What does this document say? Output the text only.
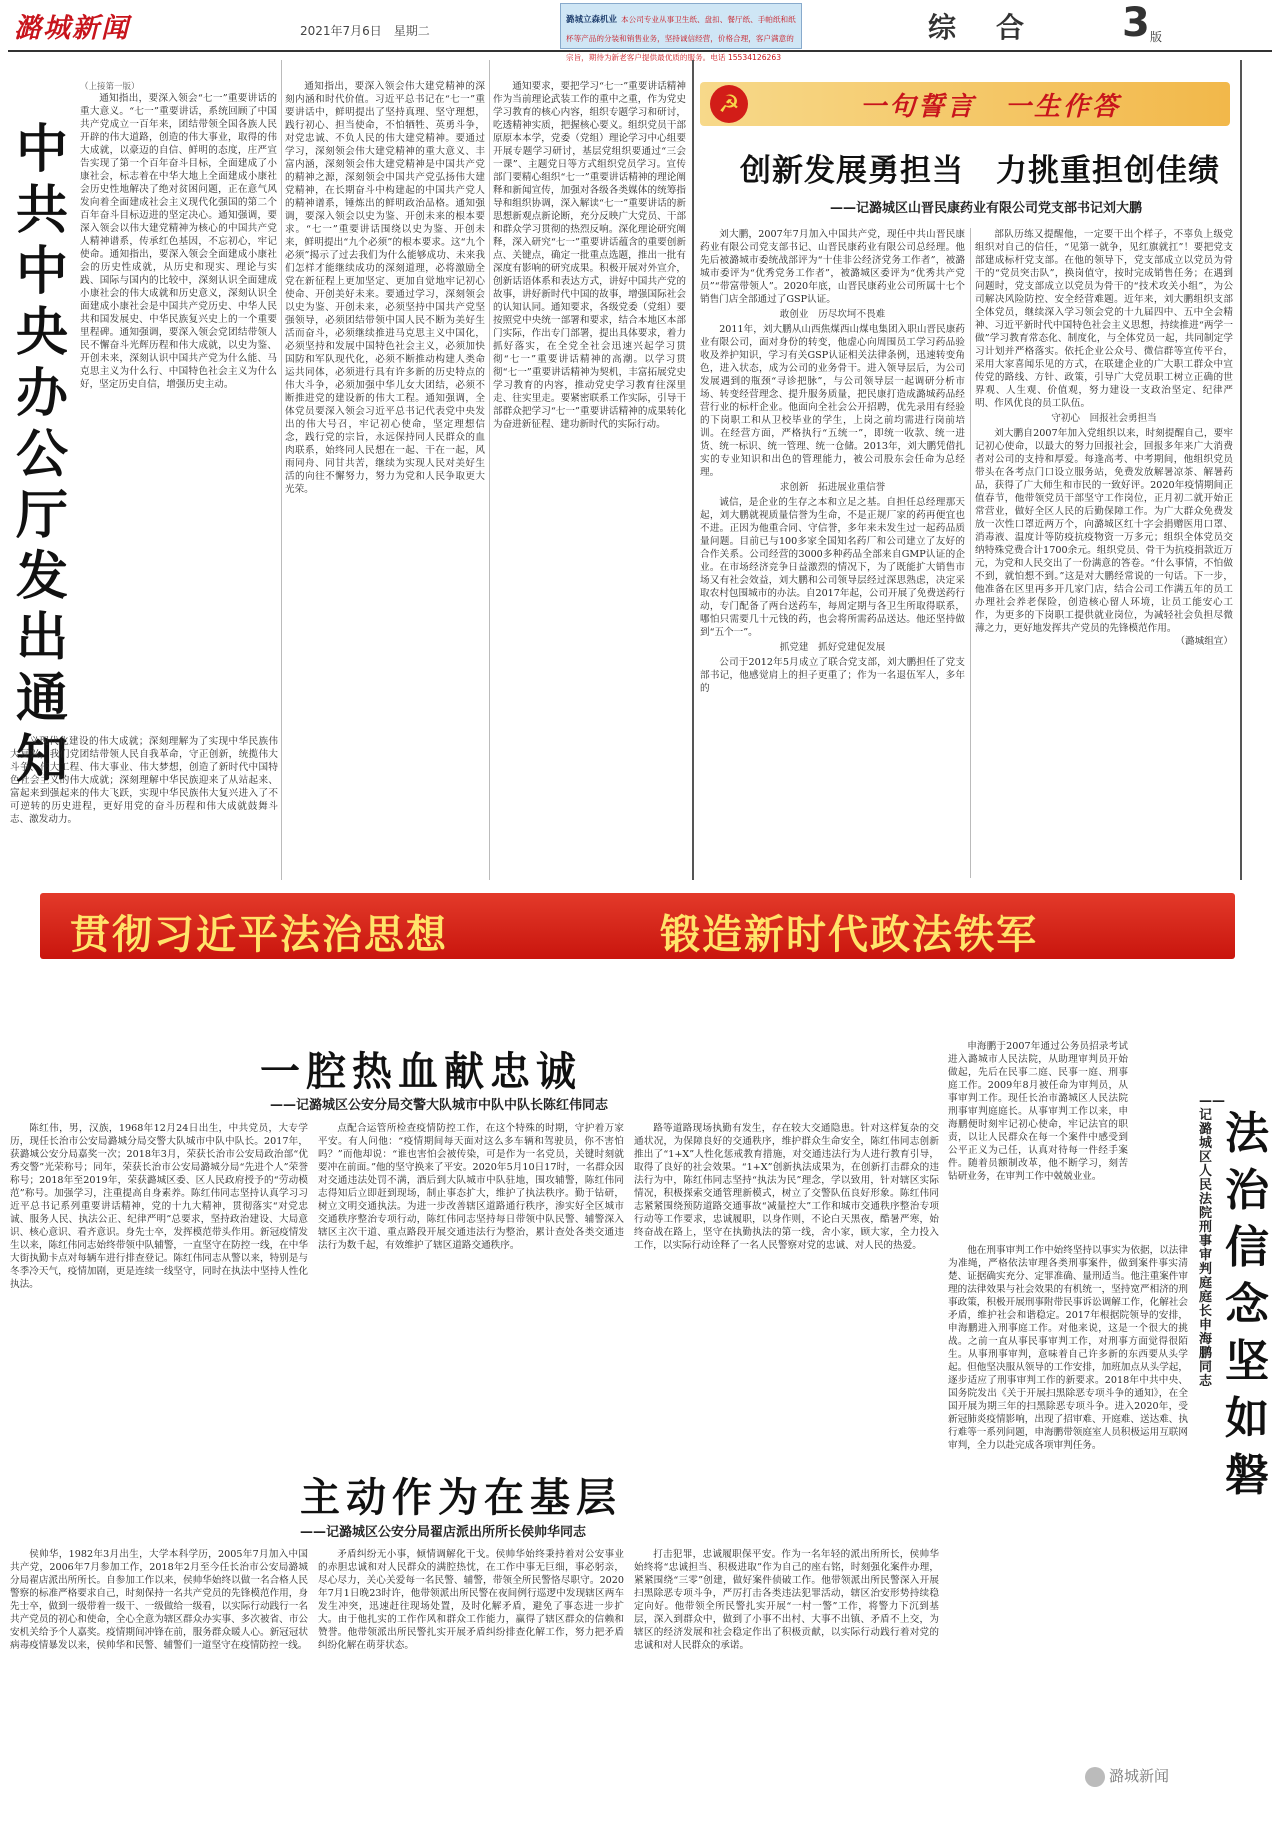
潞城新闻	2021年7月6日　星期二
潞城立森机业 本公司专业从事卫生纸、盘扣、餐厅纸、手帕纸和纸杯等产品的分装和销售业务，坚持诚信经营，价格合理，客户满意的宗旨，期待为新老客户提供最优质的服务。电话 15534126263
综　合 3 版
中共中央办公厅发出通知
（上接第一版）
通知指出，要深入领会“七一”重要讲话的重大意义。“七一”重要讲话，系统回顾了中国共产党成立一百年来，团结带领全国各族人民开辟的伟大道路，创造的伟大事业，取得的伟大成就，以豪迈的自信、鲜明的态度，庄严宣告实现了第一个百年奋斗目标，全面建成了小康社会，标志着在中华大地上全面建成小康社会历史性地解决了绝对贫困问题，正在意气风发向着全面建成社会主义现代化强国的第二个百年奋斗目标迈进的坚定决心。通知强调，要深入领会以伟大建党精神为核心的中国共产党人精神谱系，传承红色基因，不忘初心，牢记使命。通知指出，要深入领会全面建成小康社会的历史性成就，从历史和现实、理论与实践、国际与国内的比较中，深刻认识全面建成小康社会的伟大成就和历史意义，深刻认识全面建成小康社会是中国共产党历史、中华人民共和国发展史、中华民族复兴史上的一个重要里程碑。通知强调，要深入领会党团结带领人民不懈奋斗光辉历程和伟大成就，以史为鉴、开创未来，深刻认识中国共产党为什么能、马克思主义为什么行、中国特色社会主义为什么好，坚定历史自信，增强历史主动。
通知指出，要深入领会伟大建党精神的深刻内涵和时代价值。习近平总书记在“七一”重要讲话中，鲜明提出了坚持真理、坚守理想，践行初心、担当使命，不怕牺牲、英勇斗争，对党忠诚、不负人民的伟大建党精神。要通过学习，深刻领会伟大建党精神的重大意义、丰富内涵，深刻领会伟大建党精神是中国共产党的精神之源，深刻领会中国共产党弘扬伟大建党精神，在长期奋斗中构建起的中国共产党人的精神谱系，锤炼出的鲜明政治品格。通知强调，要深入领会以史为鉴、开创未来的根本要求。“七一”重要讲话围绕以史为鉴、开创未来，鲜明提出“九个必须”的根本要求。这“九个必须”揭示了过去我们为什么能够成功、未来我们怎样才能继续成功的深刻道理，必将激励全党在新征程上更加坚定、更加自觉地牢记初心使命、开创美好未来。要通过学习，深刻领会以史为鉴、开创未来，必须坚持中国共产党坚强领导，必须团结带领中国人民不断为美好生活而奋斗，必须继续推进马克思主义中国化，必须坚持和发展中国特色社会主义，必须加快国防和军队现代化，必须不断推动构建人类命运共同体，必须进行具有许多新的历史特点的伟大斗争，必须加强中华儿女大团结，必须不断推进党的建设新的伟大工程。通知强调，全体党员要深入领会习近平总书记代表党中央发出的伟大号召，牢记初心使命，坚定理想信念，践行党的宗旨，永远保持同人民群众的血肉联系，始终同人民想在一起、干在一起，风雨同舟、同甘共苦，继续为实现人民对美好生活的向往不懈努力，努力为党和人民争取更大光荣。
通知要求，要把学习“七一”重要讲话精神作为当前理论武装工作的重中之重，作为党史学习教育的核心内容，组织专题学习和研讨，吃透精神实质，把握核心要义。组织党员干部原原本本学，党委（党组）理论学习中心组要开展专题学习研讨，基层党组织要通过“三会一课”、主题党日等方式组织党员学习。宣传部门要精心组织“七一”重要讲话精神的理论阐释和新闻宣传，加强对各级各类媒体的统筹指导和组织协调，深入解读“七一”重要讲话的新思想新观点新论断，充分反映广大党员、干部和群众学习贯彻的热烈反响。深化理论研究阐释，深入研究“七一”重要讲话蕴含的重要创新点、关键点，确定一批重点选题，推出一批有深度有影响的研究成果。积极开展对外宣介，创新话语体系和表达方式，讲好中国共产党的故事，讲好新时代中国的故事，增强国际社会的认知认同。通知要求，各级党委（党组）要按照党中央统一部署和要求，结合本地区本部门实际，作出专门部署，提出具体要求，着力抓好落实，在全党全社会迅速兴起学习贯彻“七一”重要讲话精神的高潮。以学习贯彻“七一”重要讲话精神为契机，丰富拓展党史学习教育的内容，推动党史学习教育往深里走、往实里走。要紧密联系工作实际，引导干部群众把学习“七一”重要讲话精神的成果转化为奋进新征程、建功新时代的实际行动。
义现代化建设的伟大成就；深刻理解为了实现中华民族伟大复兴，我们党团结带领人民自我革命，守正创新，统揽伟大斗争、伟大工程、伟大事业、伟大梦想，创造了新时代中国特色社会主义的伟大成就；深刻理解中华民族迎来了从站起来、富起来到强起来的伟大飞跃，实现中华民族伟大复兴进入了不可逆转的历史进程，更好用党的奋斗历程和伟大成就鼓舞斗志、激发动力。
☭	一句誓言　一生作答
创新发展勇担当　力挑重担创佳绩
——记潞城区山晋民康药业有限公司党支部书记刘大鹏

刘大鹏，2007年7月加入中国共产党，现任中共山晋民康药业有限公司党支部书记、山晋民康药业有限公司总经理。他先后被潞城市委统战部评为“十佳非公经济党务工作者”，被潞城市委评为“优秀党务工作者”，被潞城区委评为“优秀共产党员”“带富带领人”。2020年底，山晋民康药业公司所属十七个销售门店全部通过了GSP认证。

敢创业　历尽坎坷不畏难

2011年，刘大鹏从山西焦煤西山煤电集团入职山晋民康药业有限公司，面对身份的转变，他虚心向周围员工学习药品验收及养护知识，学习有关GSP认证相关法律条例，迅速转变角色，进入状态，成为公司的业务骨干。进入领导层后，为公司发展遇到的瓶颈“寻诊把脉”，与公司领导层一起调研分析市场、转变经营理念、提升服务质量，把民康打造成潞城药品经营行业的标杆企业。他面向全社会公开招聘，优先录用有经验的下岗职工和从卫校毕业的学生，上岗之前均需进行岗前培训。在经营方面，严格执行“五统一”，即统一收款、统一进货、统一标识、统一管理、统一仓储。2013年，刘大鹏凭借扎实的专业知识和出色的管理能力，被公司股东会任命为总经理。

求创新　拓进展业重信誉

诚信，是企业的生存之本和立足之基。自担任总经理那天起，刘大鹏就视质量信誉为生命，不是正规厂家的药再便宜也不进。正因为他重合同、守信誉，多年来未发生过一起药品质量问题。目前已与100多家全国知名药厂和公司建立了友好的合作关系。公司经营的3000多种药品全部来自GMP认证的企业。在市场经济竞争日益激烈的情况下，为了既能扩大销售市场又有社会效益，刘大鹏和公司领导层经过深思熟虑，决定采取农村包围城市的办法。自2017年起，公司开展了免费送药行动，专门配备了两台送药车，每周定期与各卫生所取得联系，哪怕只需要几十元钱的药，也会将所需药品送达。他还坚持做到“五个一”。

抓党建　抓好党建促发展

公司于2012年5月成立了联合党支部，刘大鹏担任了党支部书记，他感觉肩上的担子更重了；作为一名退伍军人，多年的

部队历练又提醒他，一定要干出个样子，不辜负上级党组织对自己的信任，“见第一就争，见红旗就扛”！要把党支部建成标杆党支部。在他的领导下，党支部成立以党员为骨干的“党员突击队”，换岗值守，按时完成销售任务；在遇到问题时，党支部成立以党员为骨干的“技术攻关小组”，为公司解决风险防控、安全经营难题。近年来，刘大鹏组织支部全体党员，继续深入学习领会党的十九届四中、五中全会精神、习近平新时代中国特色社会主义思想，持续推进“两学一做”学习教育常态化、制度化，与全体党员一起，共同制定学习计划并严格落实。依托企业公众号、微信群等宣传平台，采用大家喜闻乐见的方式，在联建企业的广大职工群众中宣传党的路线、方针、政策，引导广大党员职工树立正确的世界观、人生观、价值观，努力建设一支政治坚定、纪律严明、作风优良的员工队伍。

守初心　回报社会勇担当

刘大鹏自2007年加入党组织以来，时刻提醒自己，要牢记初心使命，以最大的努力回报社会，回报多年来广大消费者对公司的支持和厚爱。每逢高考、中考期间，他组织党员带头在各考点门口设立服务站，免费发放解暑凉茶、解暑药品，获得了广大师生和市民的一致好评。2020年疫情期间正值春节，他带领党员干部坚守工作岗位，正月初二就开始正常营业，做好全区人民的后勤保障工作。为广大群众免费发放一次性口罩近两万个，向潞城区红十字会捐赠医用口罩、消毒液、温度计等防疫抗疫物资一万多元；组织全体党员交纳特殊党费合计1700余元。组织党员、骨干为抗疫捐款近万元，为党和人民交出了一份满意的答卷。“什么事情，不怕做不到，就怕想不到。”这是对大鹏经常说的一句话。下一步，他准备在区里再多开几家门店，结合公司工作满五年的员工办理社会养老保险，创造核心留人环境，让员工能安心工作，为更多的下岗职工提供就业岗位，为减轻社会负担尽微薄之力，更好地发挥共产党员的先锋模范作用。

（潞城组宣）

贯彻习近平法治思想	锻造新时代政法铁军
一腔热血献忠诚
——记潞城区公安分局交警大队城市中队中队长陈红伟同志
陈红伟，男，汉族，1968年12月24日出生，中共党员，大专学历，现任长治市公安局潞城分局交警大队城市中队中队长。2017年，获潞城公安分局嘉奖一次；2018年3月，荣获长治市公安局政治部“优秀交警”光荣称号；同年，荣获长治市公安局潞城分局“先进个人”荣誉称号；2018年至2019年，荣获潞城区委、区人民政府授予的“劳动模范”称号。加强学习，注重提高自身素养。陈红伟同志坚持认真学习习近平总书记系列重要讲话精神，党的十九大精神，贯彻落实“对党忠诚、服务人民、执法公正、纪律严明”总要求，坚持政治建设、大局意识、核心意识、看齐意识。身先士卒，发挥模范带头作用。新冠疫情发生以来，陈红伟同志始终带领中队辅警，一直坚守在防控一线，在中华大街执勤卡点对每辆车进行排查登记。陈红伟同志从警以来，特别是与冬季冷天气，疫情加剧，更是连续一线坚守，同时在执法中坚持人性化执法。
点配合运管所检查疫情防控工作，在这个特殊的时期，守护着万家平安。有人问他：“疫情期间每天面对这么多车辆和驾驶员，你不害怕吗？”而他却说：“谁也害怕会被传染，可是作为一名党员，关键时刻就要冲在前面。”他的坚守换来了平安。2020年5月10日17时，一名群众因对交通违法处罚不满，酒后到大队城市中队驻地，围攻辅警，陈红伟同志得知后立即赶到现场，制止事态扩大，维护了执法秩序。勤于钻研，树立文明交通执法。为进一步改善辖区道路通行秩序，渗实好全区城市交通秩序整治专项行动，陈红伟同志坚持每日带领中队民警、辅警深入辖区主次干道、重点路段开展交通违法行为整治，累计查处各类交通违法行为数千起，有效维护了辖区道路交通秩序。
路等道路现场执勤有发生，存在较大交通隐患。针对这样复杂的交通状况，为保障良好的交通秩序，维护群众生命安全，陈红伟同志创新推出了“1+X”人性化惩戒教育措施，对交通违法行为人进行教育引导，取得了良好的社会效果。“1+X”创新执法成果为，在创新打击群众的违法行为中，陈红伟同志坚持“执法为民”理念，学以致用，针对辖区实际情况，积极探索交通管理新模式，树立了交警队伍良好形象。陈红伟同志紧紧围绕预防道路交通事故“减量控大”工作和城市交通秩序整治专项行动等工作要求，忠诚履职，以身作则，不论白天黑夜，酷暑严寒，始终奋战在路上，坚守在执勤执法的第一线，舍小家，顾大家，全力投入工作，以实际行动诠释了一名人民警察对党的忠诚、对人民的热爱。
主动作为在基层
——记潞城区公安分局翟店派出所所长侯帅华同志
侯帅华，1982年3月出生，大学本科学历，2005年7月加入中国共产党，2006年7月参加工作，2018年2月至今任长治市公安局潞城分局翟店派出所所长。自参加工作以来，侯帅华始终以做一名合格人民警察的标准严格要求自己，时刻保持一名共产党员的先锋模范作用，身先士卒，做到一级带着一级干、一级做给一级看，以实际行动践行一名共产党员的初心和使命，全心全意为辖区群众办实事、多次被省、市公安机关给予个人嘉奖。疫情期间冲锋在前，服务群众暖人心。新冠冠状病毒疫情暴发以来，侯帅华和民警、辅警们一道坚守在疫情防控一线。
矛盾纠纷无小事，倾情调解化干戈。侯帅华始终秉持着对公安事业的赤胆忠诚和对人民群众的满腔热忱，在工作中事无巨细，事必躬亲，尽心尽力，关心关爱每一名民警、辅警，带领全所民警恪尽职守。2020年7月1日晚23时许，他带领派出所民警在夜间例行巡逻中发现辖区两车发生冲突，迅速赶往现场处置，及时化解矛盾，避免了事态进一步扩大。由于他扎实的工作作风和群众工作能力，赢得了辖区群众的信赖和赞誉。他带领派出所民警扎实开展矛盾纠纷排查化解工作，努力把矛盾纠纷化解在萌芽状态。
打击犯罪，忠诚履职保平安。作为一名年轻的派出所所长，侯帅华始终将“忠诚担当、积极进取”作为自己的座右铭，时刻强化案件办理，紧紧围绕“三零”创建，做好案件侦破工作。他带领派出所民警深入开展扫黑除恶专项斗争，严厉打击各类违法犯罪活动，辖区治安形势持续稳定向好。他带领全所民警扎实开展“一村一警”工作，将警力下沉到基层，深入到群众中，做到了小事不出村、大事不出镇、矛盾不上交，为辖区的经济发展和社会稳定作出了积极贡献，以实际行动践行着对党的忠诚和对人民群众的承诺。
申海鹏于2007年通过公务员招录考试进入潞城市人民法院，从助理审判员开始做起，先后在民事二庭、民事一庭、刑事庭工作。2009年8月被任命为审判员，从事审判工作。现任长治市潞城区人民法院刑事审判庭庭长。从事审判工作以来，申海鹏便时刻牢记初心使命，牢记法官的职责，以让人民群众在每一个案件中感受到公平正义为己任，认真对待每一件经手案件。随着员额制改革，他不断学习，刻苦钻研业务，在审判工作中兢兢业业。
法治信念坚如磐
——记潞城区人民法院刑事审判庭庭长申海鹏同志
他在刑事审判工作中始终坚持以事实为依据，以法律为准绳，严格依法审理各类刑事案件，做到案件事实清楚、证据确实充分、定罪准确、量刑适当。他注重案件审理的法律效果与社会效果的有机统一，坚持宽严相济的刑事政策，积极开展刑事附带民事诉讼调解工作，化解社会矛盾，维护社会和谐稳定。2017年根据院领导的安排，申海鹏进入刑事庭工作。对他来说，这是一个很大的挑战。之前一直从事民事审判工作，对刑事方面觉得很陌生。从事刑事审判，意味着自己许多新的东西要从头学起。但他坚决服从领导的工作安排，加班加点从头学起，逐步适应了刑事审判工作的新要求。2018年中共中央、国务院发出《关于开展扫黑除恶专项斗争的通知》，在全国开展为期三年的扫黑除恶专项斗争。进入2020年，受新冠肺炎疫情影响，出现了招审难、开庭难、送达难、执行难等一系列问题，申海鹏带领庭室人员积极运用互联网审判，全力以赴完成各项审判任务。
潞城新闻
